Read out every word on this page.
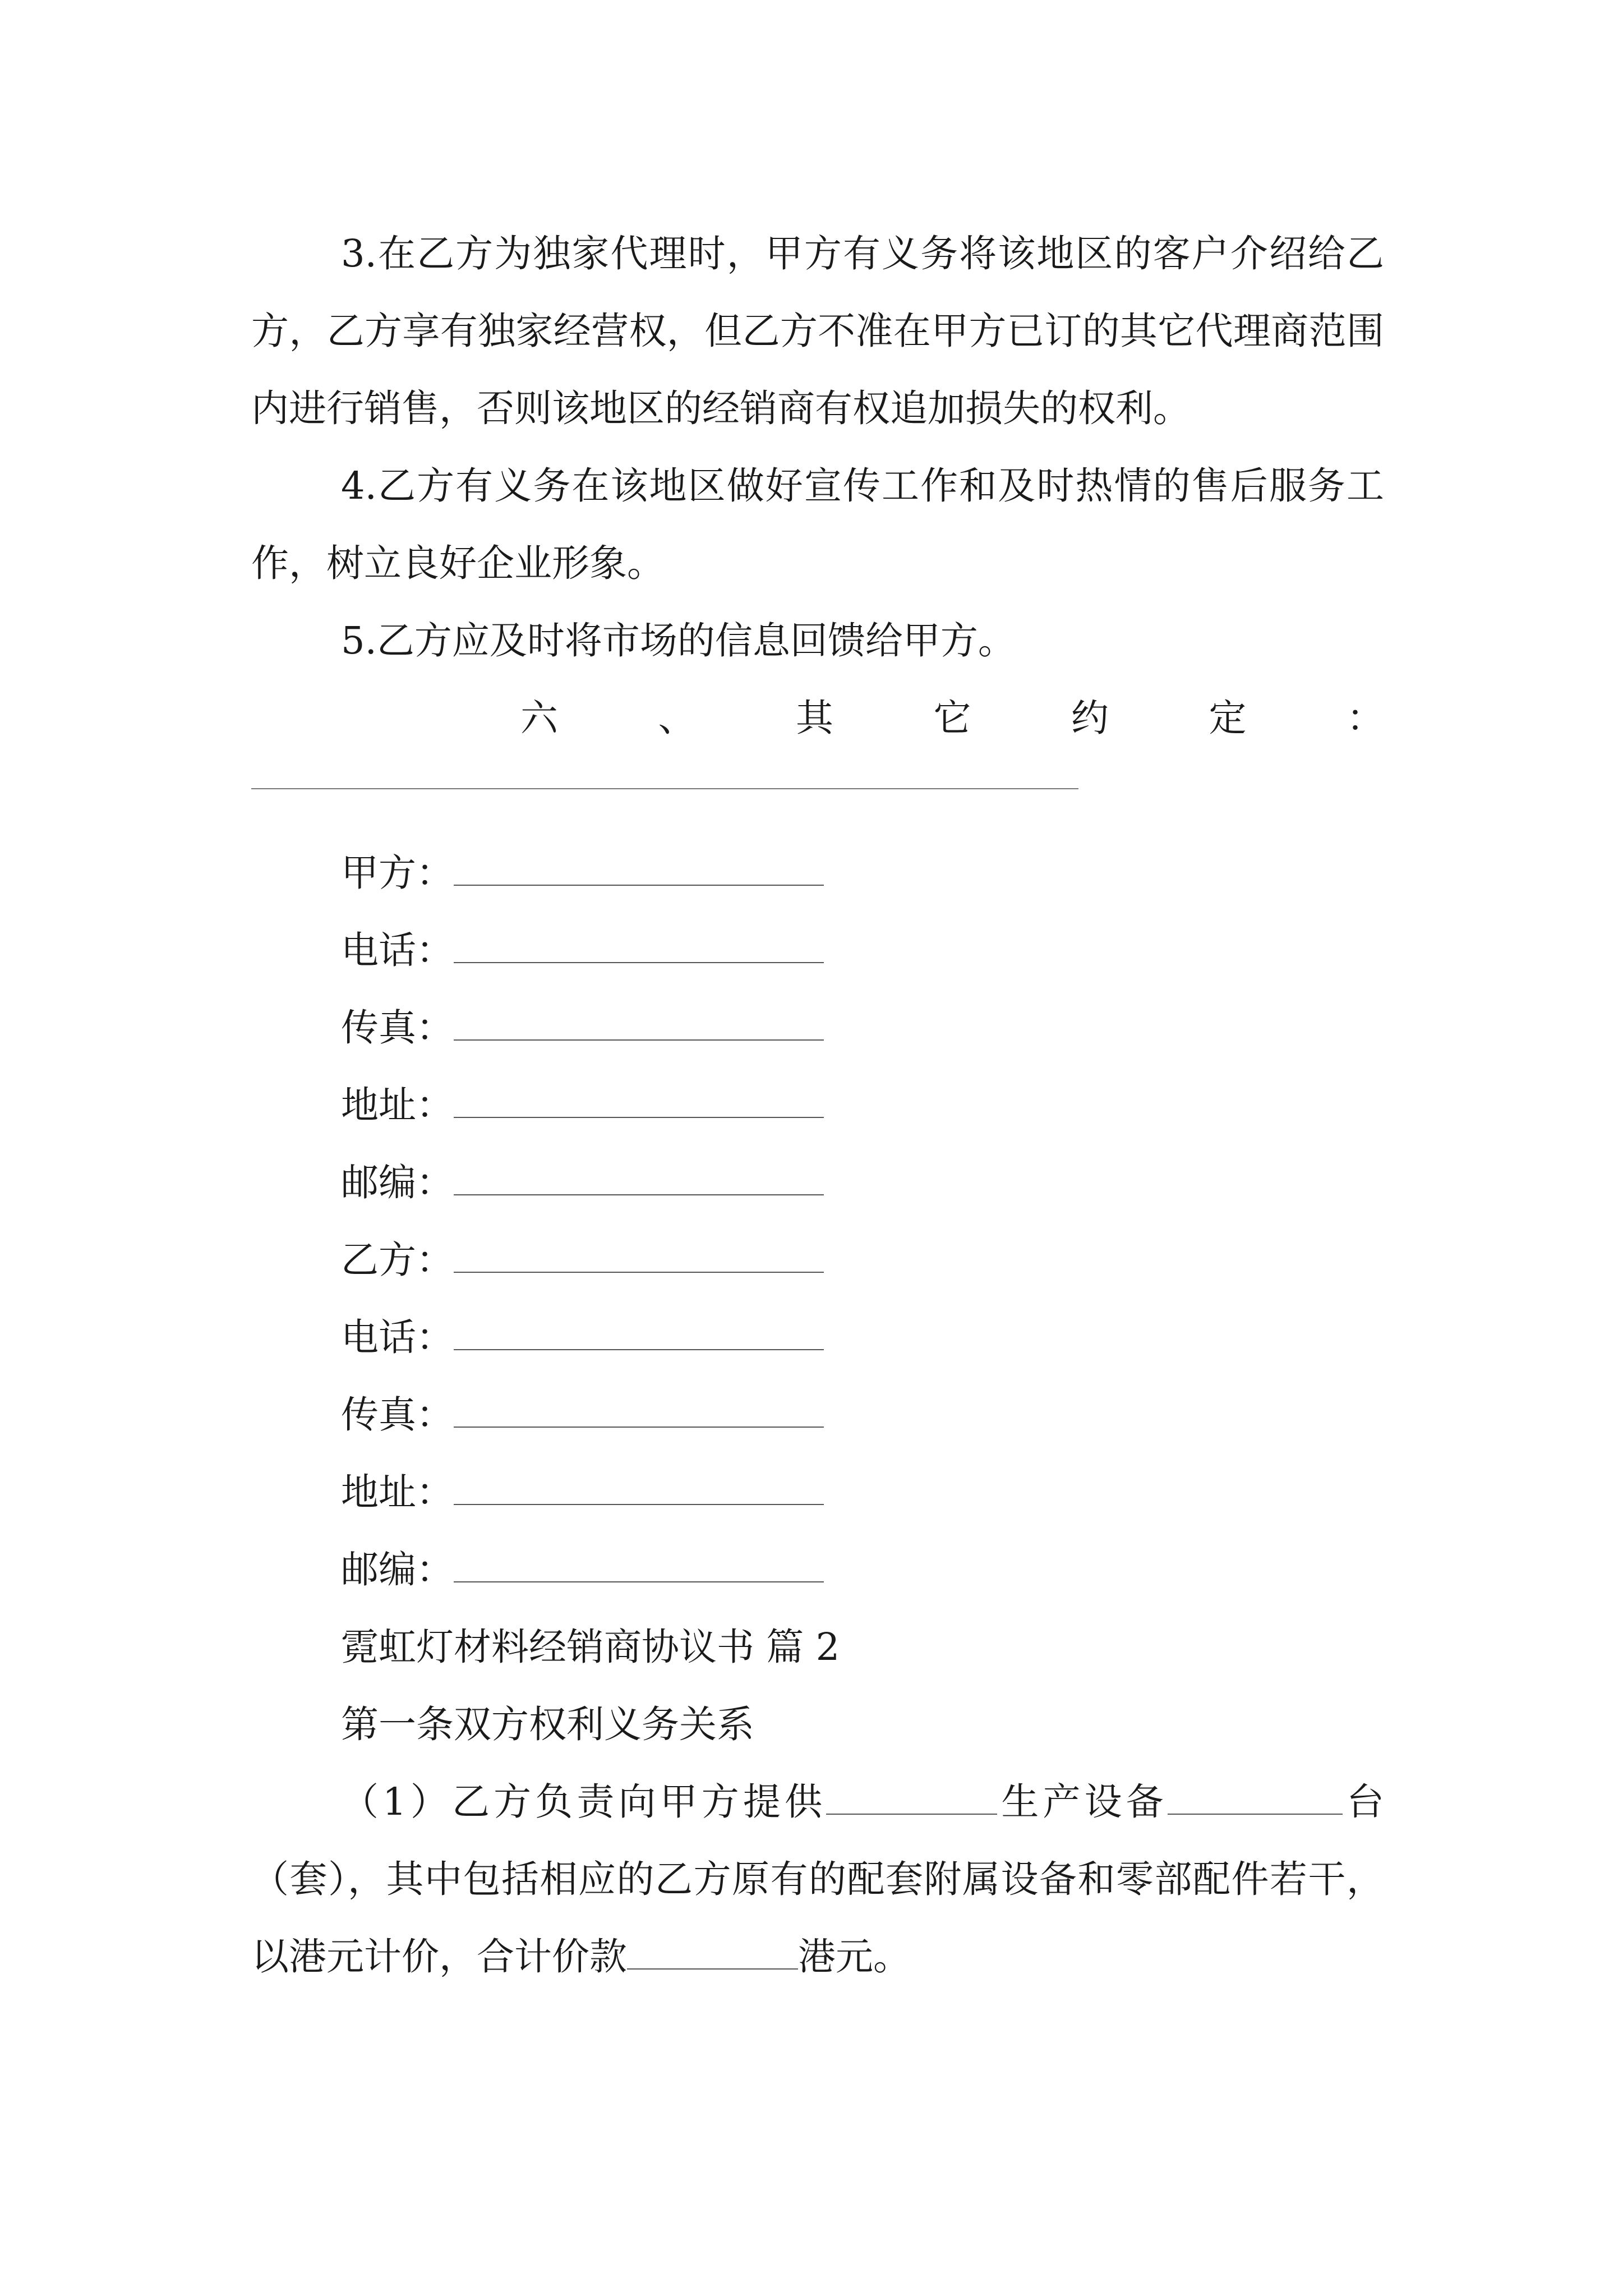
3.在乙方为独家代理时，甲方有义务将该地区的客户介绍给乙方，乙方享有独家经营权，但乙方不准在甲方已订的其它代理商范围内进行销售，否则该地区的经销商有权追加损失的权利。

4.乙方有义务在该地区做好宣传工作和及时热情的售后服务工作，树立良好企业形象。

5.乙方应及时将市场的信息回馈给甲方。

六	、	其	它	约	定	：
甲方：
电话：
传真：
地址：
邮编：
乙方：
电话：
传真：
地址：
邮编：

霓虹灯材料经销商协议书 篇 2

第一条双方权利义务关系

（1）乙方负责向甲方提供	生产设备	台（套），其中包括相应的乙方原有的配套附属设备和零部配件若干，以港元计价，合计价款	港元。
